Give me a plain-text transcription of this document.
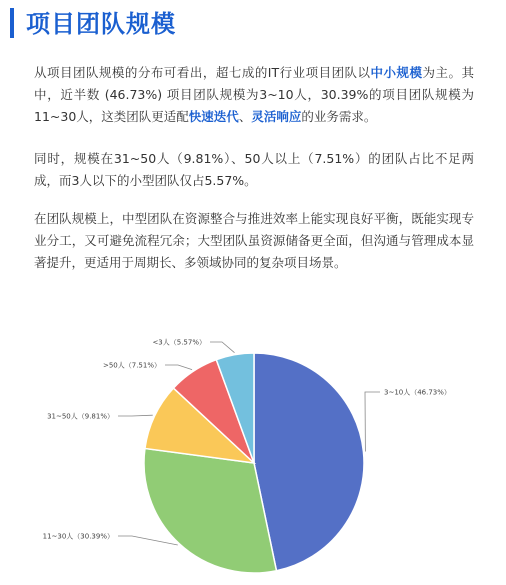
项目团队规模

从项目团队规模的分布可看出，超七成的IT行业项目团队以中小规模为主。其中，近半数 (46.73%) 项目团队规模为3~10人，30.39%的项目团队规模为11~30人，这类团队更适配快速迭代、灵活响应的业务需求。

同时，规模在31~50人（9.81%）、50人以上（7.51%）的团队占比不足两成，而3人以下的小型团队仅占5.57%。

在团队规模上，中型团队在资源整合与推进效率上能实现良好平衡，既能实现专业分工，又可避免流程冗余；大型团队虽资源储备更全面，但沟通与管理成本显著提升，更适用于周期长、多领域协同的复杂项目场景。

3~10人（46.73%）
11~30人（30.39%）
31~50人（9.81%）
>50人（7.51%）
<3人（5.57%）
